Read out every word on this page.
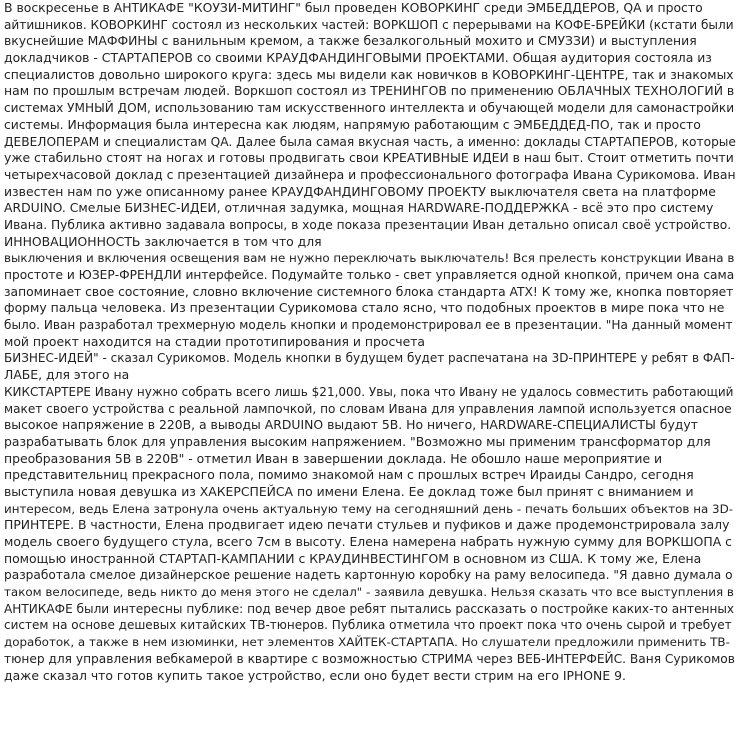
В воскресенье в АНТИКАФЕ "КОУЗИ-МИТИНГ" был проведен КОВОРКИНГ среди ЭМБЕДДЕРОВ, QA и просто
айтишников. КОВОРКИНГ состоял из нескольких частей: ВОРКШОП с перерывами на КОФЕ-БРЕЙКИ (кстати были
вкуснейшие МАФФИНЫ с ванильным кремом, а также безалкогольный мохито и СМУЗЗИ) и выступления
докладчиков - СТАРТАПЕРОВ со своими КРАУДФАНДИНГОВЫМИ ПРОЕКТАМИ. Общая аудитория состояла из
специалистов довольно широкого круга: здесь мы видели как новичков в КОВОРКИНГ-ЦЕНТРЕ, так и знакомых
нам по прошлым встречам людей. Воркшоп состоял из ТРЕНИНГОВ по применению ОБЛАЧНЫХ ТЕХНОЛОГИЙ в
системах УМНЫЙ ДОМ, использованию там искусственного интеллекта и обучающей модели для самонастройки
системы. Информация была интересна как людям, напрямую работающим с ЭМБЕДДЕД-ПО, так и просто
ДЕВЕЛОПЕРАМ и специалистам QA. Далее была самая вкусная часть, а именно: доклады СТАРТАПЕРОВ, которые
уже стабильно стоят на ногах и готовы продвигать свои КРЕАТИВНЫЕ ИДЕИ в наш быт. Стоит отметить почти
четырехчасовой доклад с презентацией дизайнера и профессионального фотографа Ивана Сурикомова. Иван
известен нам по уже описанному ранее КРАУДФАНДИНГОВОМУ ПРОЕКТУ выключателя света на платформе
ARDUINO. Смелые БИЗНЕС-ИДЕИ, отличная задумка, мощная HARDWARE-ПОДДЕРЖКА - всё это про систему
Ивана. Публика активно задавала вопросы, в ходе показа презентации Иван детально описал своё устройство.
ИННОВАЦИОННОСТЬ заключается в том что для
выключения и включения освещения вам не нужно переключать выключатель! Вся прелесть конструкции Ивана в
простоте и ЮЗЕР-ФРЕНДЛИ интерфейсе. Подумайте только - свет управляется одной кнопкой, причем она сама
запоминает свое состояние, словно включение системного блока стандарта ATX! К тому же, кнопка повторяет
форму пальца человека. Из презентации Сурикомова стало ясно, что подобных проектов в мире пока что не
было. Иван разработал трехмерную модель кнопки и продемонстрировал ее в презентации. "На данный момент
мой проект находится на стадии прототипирования и просчета
БИЗНЕС-ИДЕЙ" - сказал Сурикомов. Модель кнопки в будущем будет распечатана на 3D-ПРИНТЕРЕ у ребят в ФАП-
ЛАБЕ, для этого на
КИКСТАРТЕРЕ Ивану нужно собрать всего лишь $21,000. Увы, пока что Ивану не удалось совместить работающий
макет своего устройства с реальной лампочкой, по словам Ивана для управления лампой используется опасное
высокое напряжение в 220В, а выводы ARDUINO выдают 5В. Но ничего, HARDWARE-СПЕЦИАЛИСТЫ будут
разрабатывать блок для управления высоким напряжением. "Возможно мы применим трансформатор для
преобразования 5В в 220В" - отметил Иван в завершении доклада. Не обошло наше мероприятие и
представительниц прекрасного пола, помимо знакомой нам с прошлых встреч Ираиды Сандро, сегодня
выступила новая девушка из ХАКЕРСПЕЙСА по имени Елена. Ее доклад тоже был принят с вниманием и
интересом, ведь Елена затронула очень актуальную тему на сегодняшний день - печать больших объектов на 3D-
ПРИНТЕРЕ. В частности, Елена продвигает идею печати стульев и пуфиков и даже продемонстрировала залу
модель своего будущего стула, всего 7см в высоту. Елена намерена набрать нужную сумму для ВОРКШОПА с
помощью иностранной СТАРТАП-КАМПАНИИ с КРАУДИНВЕСТИНГОМ в основном из США. К тому же, Елена
разработала смелое дизайнерское решение надеть картонную коробку на раму велосипеда. "Я давно думала о
таком велосипеде, ведь никто до меня этого не сделал" - заявила девушка. Нельзя сказать что все выступления в
АНТИКАФЕ были интересны публике: под вечер двое ребят пытались рассказать о постройке каких-то антенных
систем на основе дешевых китайских ТВ-тюнеров. Публика отметила что проект пока что очень сырой и требует
доработок, а также в нем изюминки, нет элементов ХАЙТЕК-СТАРТАПА. Но слушатели предложили применить ТВ-
тюнер для управления вебкамерой в квартире с возможностью СТРИМА через ВЕБ-ИНТЕРФЕЙС. Ваня Сурикомов
даже сказал что готов купить такое устройство, если оно будет вести стрим на его IPHONE 9.
